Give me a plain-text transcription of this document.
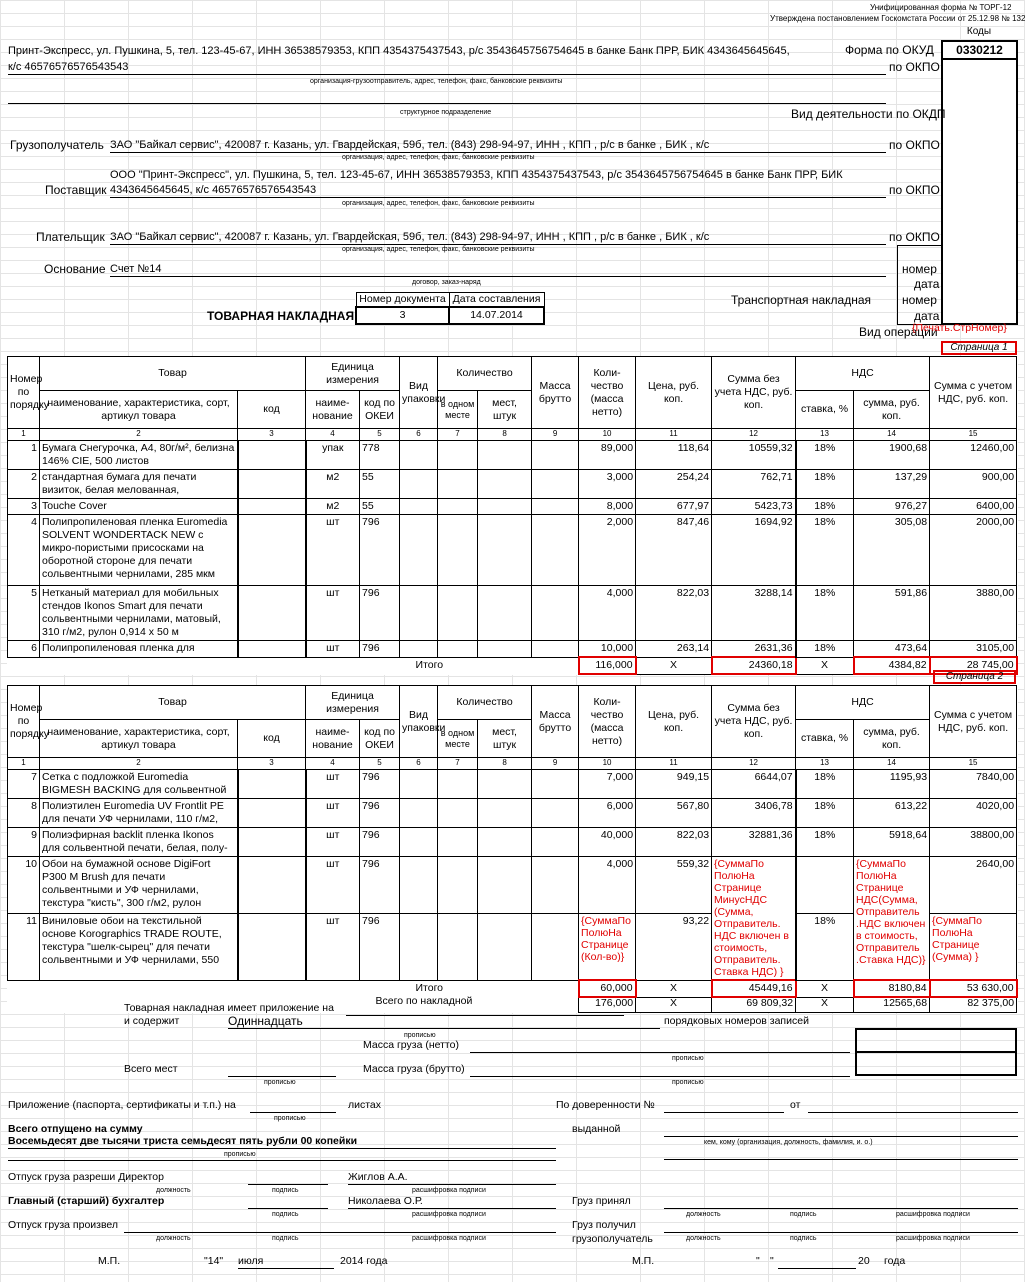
Унифицированная форма № ТОРГ-12
Утверждена постановлением Госкомстата России от 25.12.98 № 132
Коды
0330212
Форма по ОКУД
по ОКПО
Вид деятельности по ОКДП
по ОКПО
по ОКПО
по ОКПО
номер
дата
номер
дата
Транспортная накладная
Вид операции
{Печать.СтрНомер}
Принт-Экспресс, ул. Пушкина, 5, тел. 123-45-67, ИНН 36538579353, КПП 4354375437543, р/с 3543645756754645 в банке Банк ПРР, БИК 4343645645645,
к/с 46576576576543543
организация-грузоотправитель, адрес, телефон, факс, банковские реквизиты
структурное подразделение
Грузополучатель ЗАО "Байкал сервис", 420087 г. Казань, ул. Гвардейская, 59б, тел. (843) 298-94-97, ИНН , КПП , р/с в банке , БИК , к/с
организация, адрес, телефон, факс, банковские реквизиты
Поставщик
ООО "Принт-Экспресс", ул. Пушкина, 5, тел. 123-45-67, ИНН 36538579353, КПП 4354375437543, р/с 3543645756754645 в банке Банк ПРР, БИК
4343645645645, к/с 46576576576543543
организация, адрес, телефон, факс, банковские реквизиты
Плательщик ЗАО "Байкал сервис", 420087 г. Казань, ул. Гвардейская, 59б, тел. (843) 298-94-97, ИНН , КПП , р/с в банке , БИК , к/с
организация, адрес, телефон, факс, банковские реквизиты
Основание Счет №14
договор, заказ-наряд
ТОВАРНАЯ НАКЛАДНАЯ
Номер документа	Дата составления
3	14.07.2014
Страница 1
Номер по порядку	Товар		Единица измерения		Вид упаковки	Количество		Масса брутто	Коли-чество (масса нетто)	Цена, руб. коп.	Сумма без учета НДС, руб. коп.	НДС		Сумма с учетом НДС, руб. коп.
	наименование, характеристика, сорт, артикул товара	код	наиме-нование	код по ОКЕИ		в одном месте	мест, штук					ставка, %	сумма, руб. коп.	
1	2	3	4	5	6	7	8	9	10	11	12	13	14	15
1	Бумага Снегурочка, А4, 80г/м², белизна 146% CIE, 500 листов		упак	778					89,000	118,64	10559,32	18%	1900,68	12460,00
2	стандартная бумага для печати визиток, белая мелованная,		м2	55					3,000	254,24	762,71	18%	137,29	900,00
3	Touche Cover		м2	55					8,000	677,97	5423,73	18%	976,27	6400,00
4	Полипропиленовая пленка Euromedia SOLVENT WONDERTACK NEW с микро-пористыми присосками на оборотной стороне для печати сольвентными чернилами, 285 мкм		шт	796					2,000	847,46	1694,92	18%	305,08	2000,00
5	Нетканый материал для мобильных стендов Ikonos Smart для печати сольвентными чернилами, матовый, 310 г/м2, рулон 0,914 х 50 м		шт	796					4,000	822,03	3288,14	18%	591,86	3880,00
6	Полипропиленовая пленка для		шт	796					10,000	263,14	2631,36	18%	473,64	3105,00
							Итого		116,000	Х	24360,18	Х	4384,82	28 745,00
Страница 2
Номер по порядку	Товар		Единица измерения		Вид упаковки	Количество		Масса брутто	Коли-чество (масса нетто)	Цена, руб. коп.	Сумма без учета НДС, руб. коп.	НДС		Сумма с учетом НДС, руб. коп.
	наименование, характеристика, сорт, артикул товара	код	наиме-нование	код по ОКЕИ		в одном месте	мест, штук					ставка, %	сумма, руб. коп.	
1	2	3	4	5	6	7	8	9	10	11	12	13	14	15
7	Сетка с подложкой Euromedia BIGMESH BACKING для сольвентной		шт	796					7,000	949,15	6644,07	18%	1195,93	7840,00
8	Полиэтилен Euromedia UV Frontlit PE для печати УФ чернилами, 110 г/м2,		шт	796					6,000	567,80	3406,78	18%	613,22	4020,00
9	Полиэфирная backlit пленка Ikonos для сольвентной печати, белая, полу-		шт	796					40,000	822,03	32881,36	18%	5918,64	38800,00
10	Обои на бумажной основе DigiFort P300 M Brush для печати сольвентными и УФ чернилами, текстура "кисть", 300 г/м2, рулон		шт	796					4,000	559,32	{СуммаПо ПолюНа Странице МинусНДС (Сумма, Отправитель. НДС включен в стоимость, Отправитель. Ставка НДС) }		{СуммаПо ПолюНа Странице НДС(Сумма, Отправитель .НДС включен в стоимость, Отправитель .Ставка НДС)}	2640,00
11	Виниловые обои на текстильной основе Korographics TRADE ROUTE, текстура "шелк-сырец" для печати сольвентными и УФ чернилами, 550		шт	796					{СуммаПо ПолюНа Странице (Кол-во)}	93,22		18%		{СуммаПо ПолюНа Странице (Сумма) }
Итого									60,000	Х	45449,16	Х	8180,84	53 630,00
Всего по накладной									176,000	Х	69 809,32	Х	12565,68	82 375,00
Товарная накладная имеет приложение на
и содержит	Одиннадцать	порядковых номеров записей
прописью
Масса груза (нетто)
прописью
Всего мест	Масса груза (брутто)
прописью	прописью
Приложение (паспорта, сертификаты и т.п.) на	листах
прописью
По доверенности №	от
выданной
кем, кому (организация, должность, фамилия, и. о.)
Всего отпущено на сумму
Восемьдесят две тысячи триста семьдесят пять рубли 00 копейки
прописью
Отпуск груза разреши Директор	Жиглов А.А.
должность	подпись	расшифровка подписи
Главный (старший) бухгалтер	Николаева О.Р.
подпись	расшифровка подписи
Груз принял
должность	подпись	расшифровка подписи
Отпуск груза произвел
должность	подпись	расшифровка подписи
Груз получил
грузополучатель	должность	подпись	расшифровка подписи
М.П.	"14" июля	2014 года	М.П.	" "	20 года
